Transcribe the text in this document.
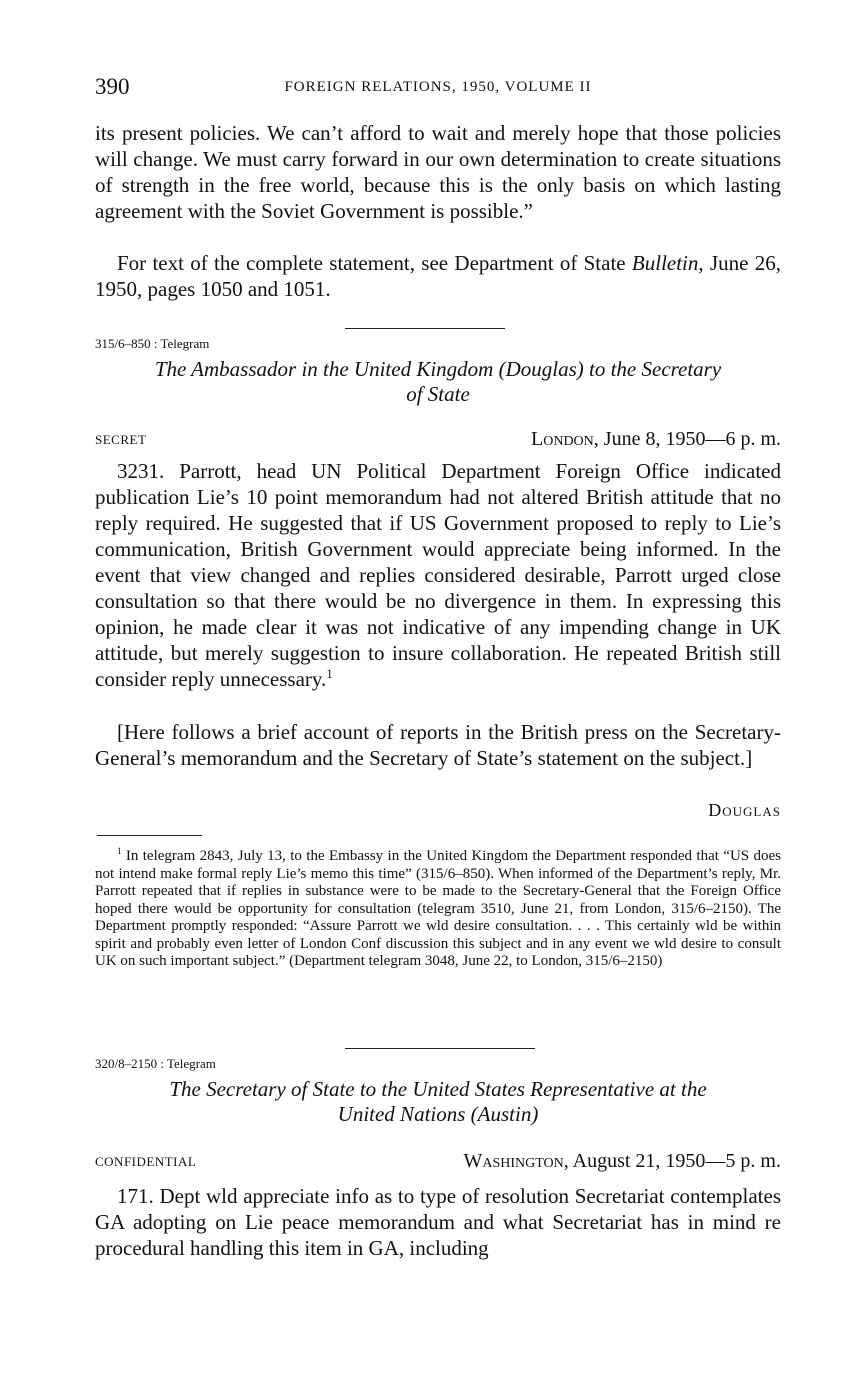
390	FOREIGN RELATIONS, 1950, VOLUME II

its present policies. We can’t afford to wait and merely hope that those policies will change. We must carry forward in our own determination to create situations of strength in the free world, because this is the only basis on which lasting agreement with the Soviet Government is possible.”

For text of the complete statement, see Department of State Bulletin, June 26, 1950, pages 1050 and 1051.

315/6–850 : Telegram
The Ambassador in the United Kingdom (Douglas) to the Secretary
of State
SECRET	London, June 8, 1950—6 p. m.

3231. Parrott, head UN Political Department Foreign Office indicated publication Lie’s 10 point memorandum had not altered British attitude that no reply required. He suggested that if US Government proposed to reply to Lie’s communication, British Government would appreciate being informed. In the event that view changed and replies considered desirable, Parrott urged close consultation so that there would be no divergence in them. In expressing this opinion, he made clear it was not indicative of any impending change in UK attitude, but merely suggestion to insure collaboration. He repeated British still consider reply unnecessary.$^1$

[Here follows a brief account of reports in the British press on the Secretary-General’s memorandum and the Secretary of State’s statement on the subject.]

Douglas

$^1$ In telegram 2843, July 13, to the Embassy in the United Kingdom the Department responded that “US does not intend make formal reply Lie’s memo this time” (315/6–850). When informed of the Department’s reply, Mr. Parrott repeated that if replies in substance were to be made to the Secretary-General that the Foreign Office hoped there would be opportunity for consultation (telegram 3510, June 21, from London, 315/6–2150). The Department promptly responded: “Assure Parrott we wld desire consultation. . . . This certainly wld be within spirit and probably even letter of London Conf discussion this subject and in any event we wld desire to consult UK on such important subject.” (Department telegram 3048, June 22, to London, 315/6–2150)

320/8–2150 : Telegram
The Secretary of State to the United States Representative at the
United Nations (Austin)
CONFIDENTIAL	Washington, August 21, 1950—5 p. m.

171. Dept wld appreciate info as to type of resolution Secretariat contemplates GA adopting on Lie peace memorandum and what Secretariat has in mind re procedural handling this item in GA, including
